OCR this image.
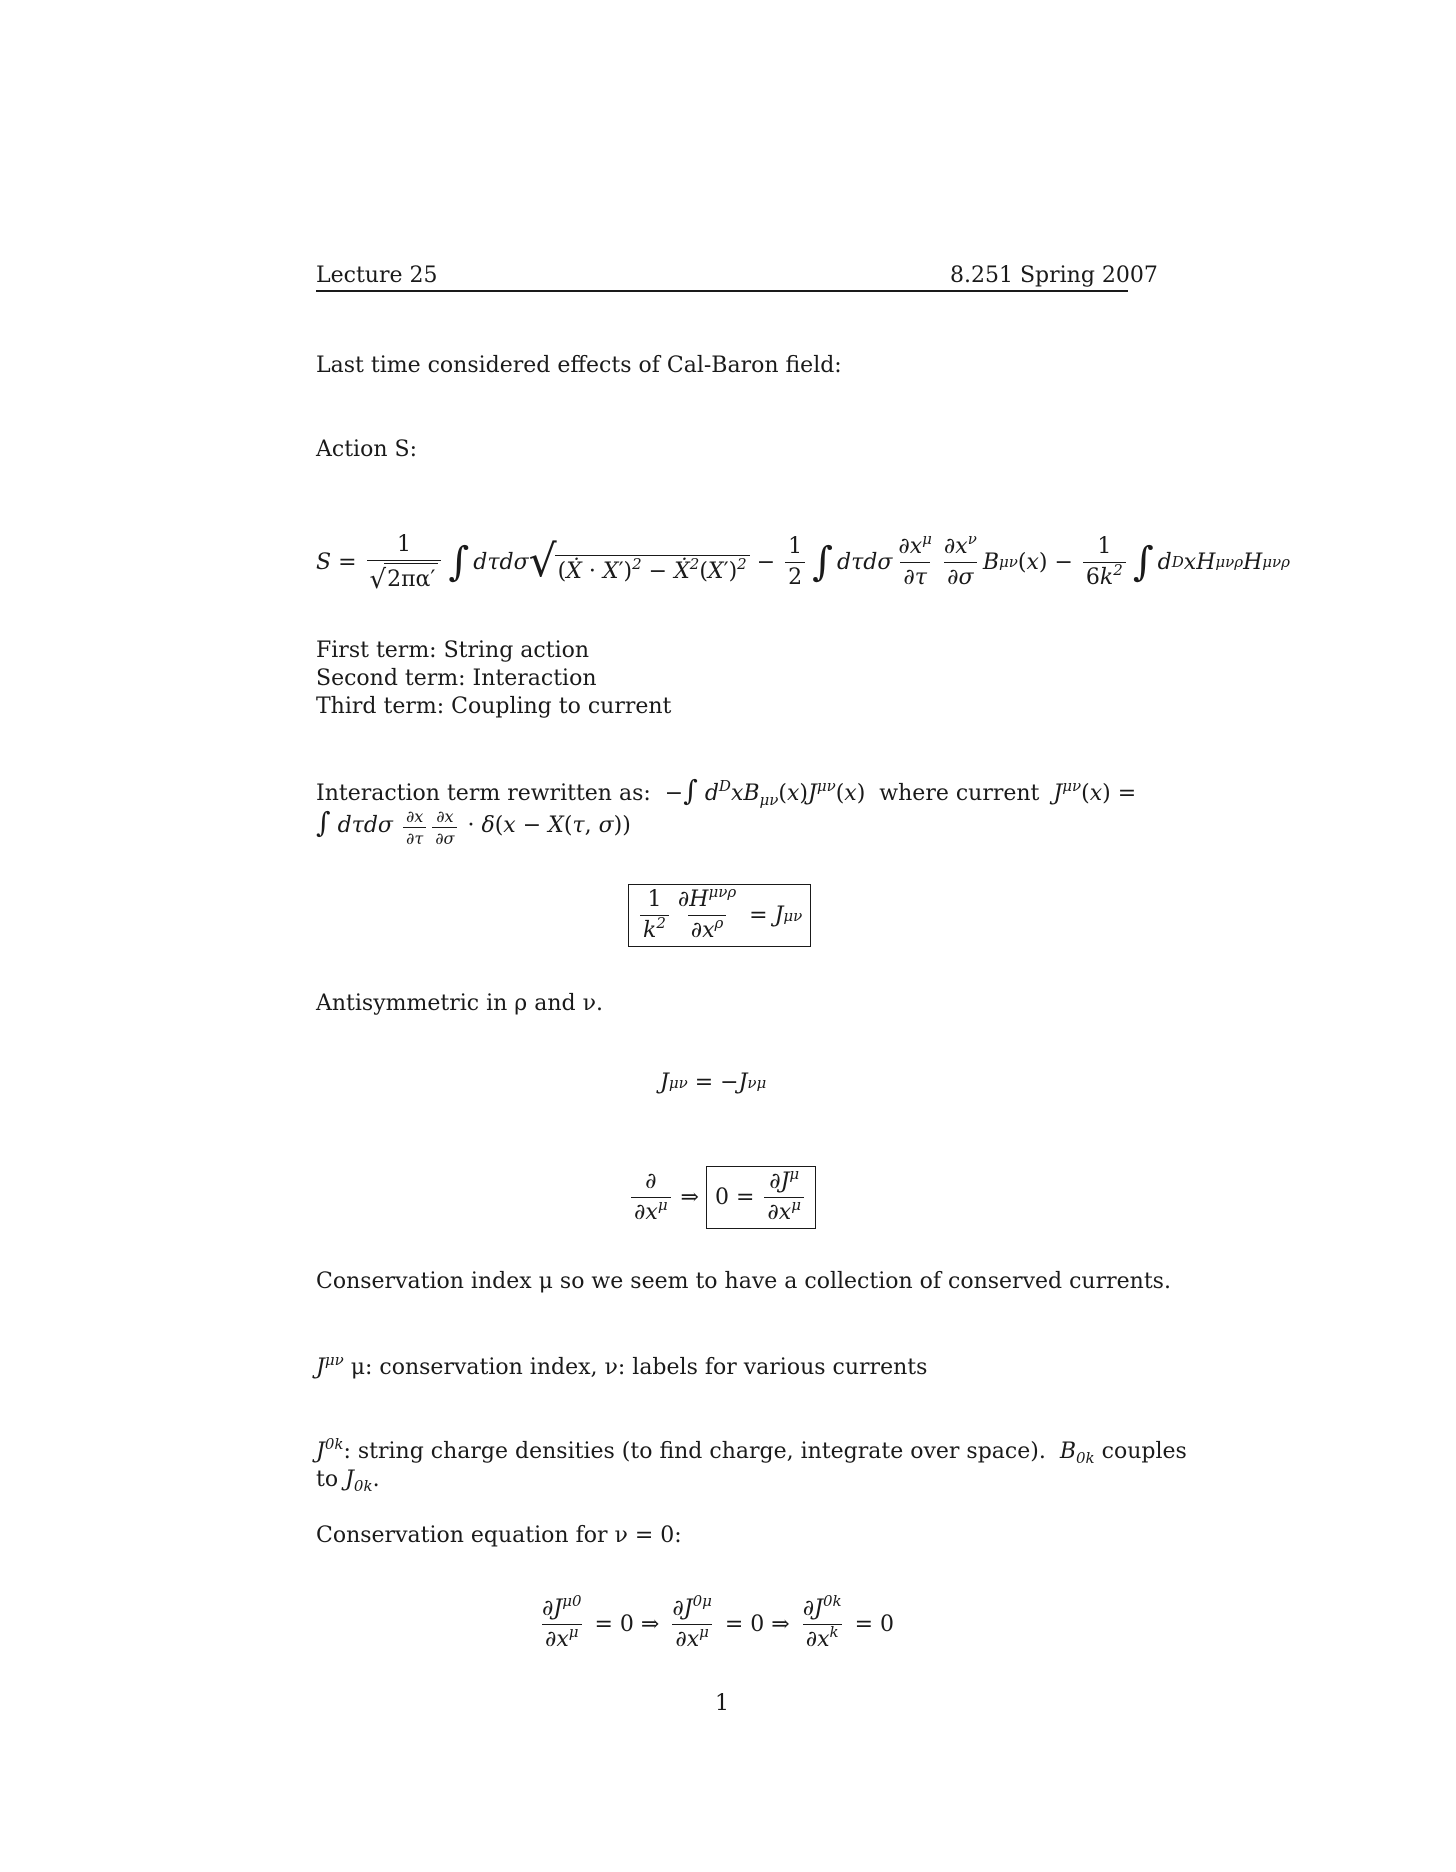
Lecture 25	8.251 Spring 2007
Last time considered effects of Cal-Baron field:
Action S:
$S = \frac{1}{√ 2\pi\alpha'}$ ∫ dτdσ √ (Ẋ · $X')^2 - Ẋ^2(X')^2 - \frac{1}{2}$ ∫ dτdσ $\frac{\partial x^\mu}{\partial\tau} \frac{\partial x^\nu}{\partial\sigma}$ B μν ( x ) − $\frac{1}{6k^2}$ ∫ d D xH μνρ H μνρ
First term: String action
Second term: Interaction
Third term: Coupling to current
Interaction term rewritten as:  −∫ $d^DxB_{\mu\nu}(x)J^{\mu\nu}(x)$  where current $J^{\mu\nu}(x)$ =
∫ dτdσ $\frac{\partial x}{\partial\tau} \frac{\partial x}{\partial\sigma} \cdot \delta(x - X(\tau$, σ))
$\frac{1}{k^2} \frac{\partial H^{\mu\nu\rho}}{\partial x^\rho} = J$ μν
Antisymmetric in ρ and ν.
J μν = − J νμ
$\frac{\partial}{\partial x^\mu}$ ⇒ $0 = \frac{\partial J^\mu}{\partial x^\mu}$
Conservation index μ so we seem to have a collection of conserved currents.
$J^{\mu\nu}$ μ: conservation index, ν: labels for various currents
$J^{0k}$: string charge densities (to find charge, integrate over space). $B_{0k}$ couples
to $J_{0k}$.
Conservation equation for ν = 0:
$\frac{\partial J^{\mu 0}}{\partial x^\mu} = 0$ ⇒ $\frac{\partial J^{0\mu}}{\partial x^\mu} = 0$ ⇒ $\frac{\partial J^{0k}}{\partial x^k} = 0$
1
